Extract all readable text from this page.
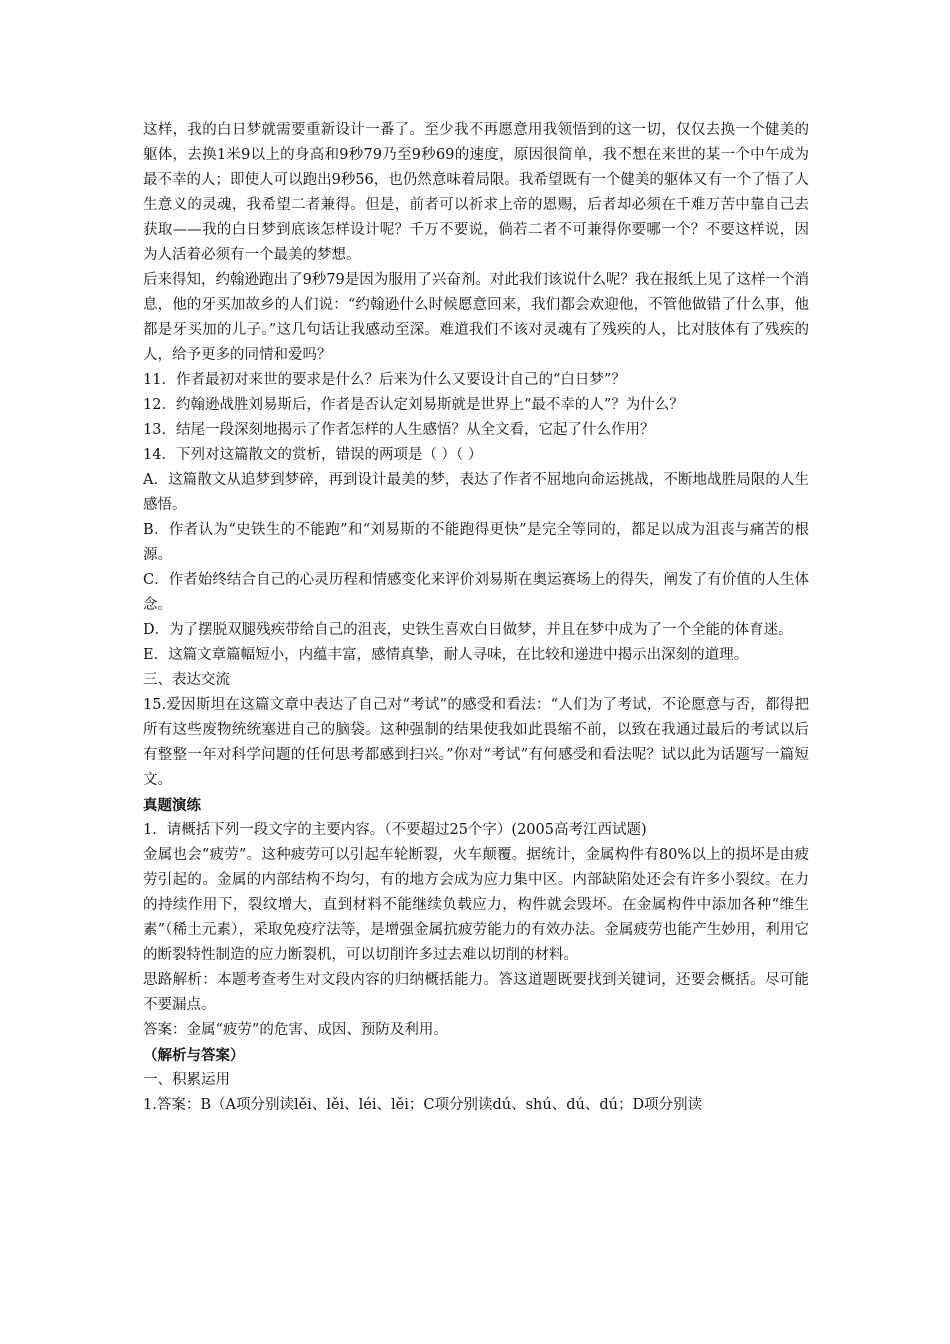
这样，我的白日梦就需要重新设计一番了。至少我不再愿意用我领悟到的这一切，仅仅去换一个健美的躯体，去换1米9以上的身高和9秒79乃至9秒69的速度，原因很简单，我不想在来世的某一个中午成为最不幸的人；即使人可以跑出9秒56，也仍然意味着局限。我希望既有一个健美的躯体又有一个了悟了人生意义的灵魂，我希望二者兼得。但是，前者可以祈求上帝的恩赐，后者却必须在千难万苦中靠自己去获取——我的白日梦到底该怎样设计呢？千万不要说，倘若二者不可兼得你要哪一个？不要这样说，因为人活着必须有一个最美的梦想。

后来得知，约翰逊跑出了9秒79是因为服用了兴奋剂。对此我们该说什么呢？我在报纸上见了这样一个消息，他的牙买加故乡的人们说：“约翰逊什么时候愿意回来，我们都会欢迎他，不管他做错了什么事，他都是牙买加的儿子。”这几句话让我感动至深。难道我们不该对灵魂有了残疾的人，比对肢体有了残疾的人，给予更多的同情和爱吗？

11．作者最初对来世的要求是什么？后来为什么又要设计自己的“白日梦”？

12．约翰逊战胜刘易斯后，作者是否认定刘易斯就是世界上“最不幸的人”？为什么？

13．结尾一段深刻地揭示了作者怎样的人生感悟？从全文看，它起了什么作用？

14．下列对这篇散文的赏析，错误的两项是（ ）（ ）

A．这篇散文从追梦到梦碎，再到设计最美的梦，表达了作者不屈地向命运挑战，不断地战胜局限的人生感悟。

B．作者认为“史铁生的不能跑”和“刘易斯的不能跑得更快”是完全等同的，都足以成为沮丧与痛苦的根源。

C．作者始终结合自己的心灵历程和情感变化来评价刘易斯在奥运赛场上的得失，阐发了有价值的人生体念。

D．为了摆脱双腿残疾带给自己的沮丧，史铁生喜欢白日做梦，并且在梦中成为了一个全能的体育迷。

E．这篇文章篇幅短小，内蕴丰富，感情真挚，耐人寻味，在比较和递进中揭示出深刻的道理。

三、表达交流

15.爱因斯坦在这篇文章中表达了自己对“考试”的感受和看法：“人们为了考试，不论愿意与否，都得把所有这些废物统统塞进自己的脑袋。这种强制的结果使我如此畏缩不前，以致在我通过最后的考试以后有整整一年对科学问题的任何思考都感到扫兴。”你对“考试”有何感受和看法呢？试以此为话题写一篇短文。

真题演练

1．请概括下列一段文字的主要内容。（不要超过25个字）(2005高考江西试题)

金属也会“疲劳”。这种疲劳可以引起车轮断裂，火车颠覆。据统计，金属构件有80%以上的损坏是由疲劳引起的。金属的内部结构不均匀，有的地方会成为应力集中区。内部缺陷处还会有许多小裂纹。在力的持续作用下，裂纹增大，直到材料不能继续负载应力，构件就会毁坏。在金属构件中添加各种“维生素”（稀土元素），采取免疫疗法等，是增强金属抗疲劳能力的有效办法。金属疲劳也能产生妙用，利用它的断裂特性制造的应力断裂机，可以切削许多过去难以切削的材料。

思路解析：本题考查考生对文段内容的归纳概括能力。答这道题既要找到关键词，还要会概括。尽可能不要漏点。

答案：金属“疲劳”的危害、成因、预防及利用。

（解析与答案）

一、积累运用

1.答案：B（A项分别读lěi、lěi、léi、lěi；C项分别读dú、shú、dú、dú；D项分别读
